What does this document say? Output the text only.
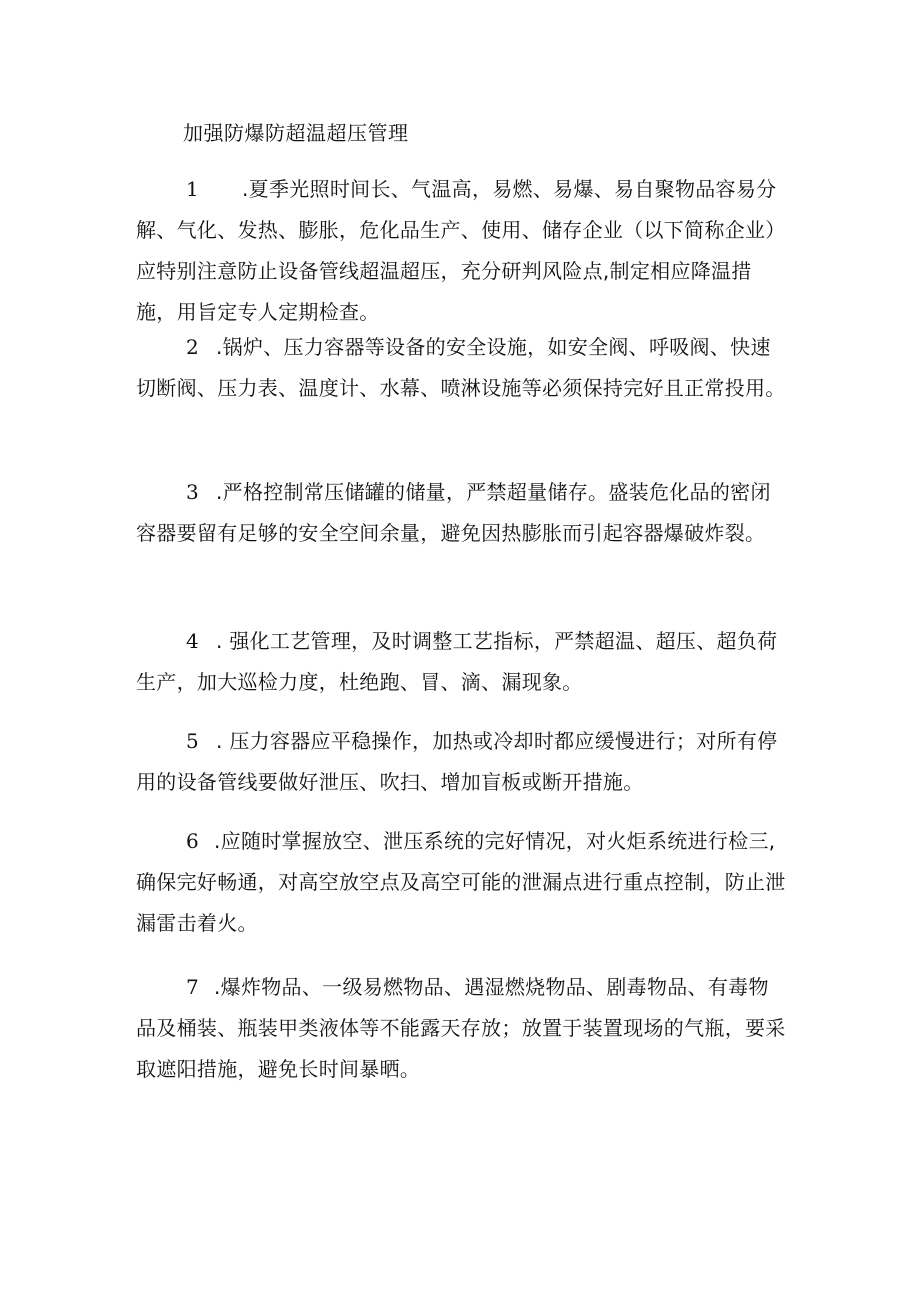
加强防爆防超温超压管理
1 .夏季光照时间长、气温高，易燃、易爆、易自聚物品容易分解、气化、发热、膨胀，危化品生产、使用、储存企业（以下简称企业）应特别注意防止设备管线超温超压，充分研判风险点,制定相应降温措施，用旨定专人定期检查。
2 .锅炉、压力容器等设备的安全设施，如安全阀、呼吸阀、快速切断阀、压力表、温度计、水幕、喷淋设施等必须保持完好且正常投用。
3 .严格控制常压储罐的储量，严禁超量储存。盛装危化品的密闭容器要留有足够的安全空间余量，避免因热膨胀而引起容器爆破炸裂。
4 . 强化工艺管理，及时调整工艺指标，严禁超温、超压、超负荷生产，加大巡检力度，杜绝跑、冒、滴、漏现象。
5 . 压力容器应平稳操作，加热或冷却时都应缓慢进行；对所有停用的设备管线要做好泄压、吹扫、增加盲板或断开措施。
6 .应随时掌握放空、泄压系统的完好情况，对火炬系统进行检三,确保完好畅通，对高空放空点及高空可能的泄漏点进行重点控制，防止泄漏雷击着火。
7 .爆炸物品、一级易燃物品、遇湿燃烧物品、剧毒物品、有毒物品及桶装、瓶装甲类液体等不能露天存放；放置于装置现场的气瓶，要采取遮阳措施，避免长时间暴晒。
